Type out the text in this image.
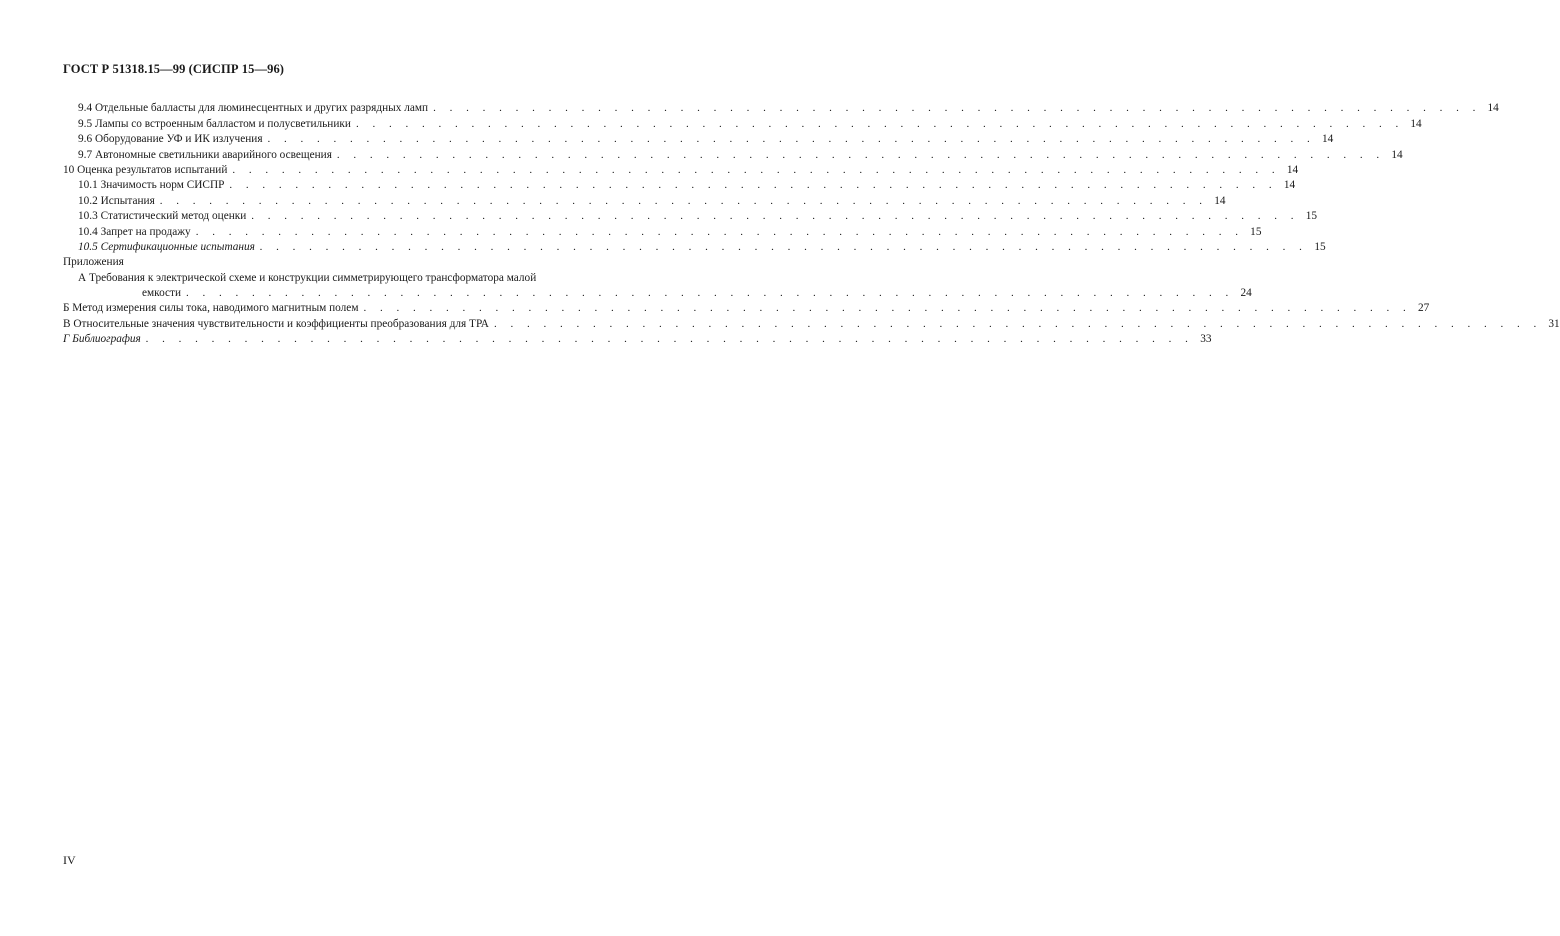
ГОСТ Р 51318.15—99 (СИСПР 15—96)
9.4 Отдельные балласты для люминесцентных и других разрядных ламп . . . . . . . . . . . . . . . . . . . . . . . . . . . . . . . . . . . . . . . . . . . . . . . . . . . . . . . . . . . . . . . . 14
9.5 Лампы со встроенным балластом и полусветильники . . . . . . . . . . . . . . . . . . . . . . . . . . . . . . . . . . . . . . . . . . . . . . . . . . . . . . . . . . . . . . . . 14
9.6 Оборудование УФ и ИК излучения . . . . . . . . . . . . . . . . . . . . . . . . . . . . . . . . . . . . . . . . . . . . . . . . . . . . . . . . . . . . . . . . 14
9.7 Автономные светильники аварийного освещения . . . . . . . . . . . . . . . . . . . . . . . . . . . . . . . . . . . . . . . . . . . . . . . . . . . . . . . . . . . . . . . . 14
10 Оценка результатов испытаний . . . . . . . . . . . . . . . . . . . . . . . . . . . . . . . . . . . . . . . . . . . . . . . . . . . . . . . . . . . . . . . . 14
10.1 Значимость норм СИСПР . . . . . . . . . . . . . . . . . . . . . . . . . . . . . . . . . . . . . . . . . . . . . . . . . . . . . . . . . . . . . . . . 14
10.2 Испытания . . . . . . . . . . . . . . . . . . . . . . . . . . . . . . . . . . . . . . . . . . . . . . . . . . . . . . . . . . . . . . . . 14
10.3 Статистический метод оценки . . . . . . . . . . . . . . . . . . . . . . . . . . . . . . . . . . . . . . . . . . . . . . . . . . . . . . . . . . . . . . . . 15
10.4 Запрет на продажу . . . . . . . . . . . . . . . . . . . . . . . . . . . . . . . . . . . . . . . . . . . . . . . . . . . . . . . . . . . . . . . . 15
10.5 Сертификационные испытания . . . . . . . . . . . . . . . . . . . . . . . . . . . . . . . . . . . . . . . . . . . . . . . . . . . . . . . . . . . . . . . . 15
Приложения
А Требования к электрической схеме и конструкции симметрирующего трансформатора малой
емкости . . . . . . . . . . . . . . . . . . . . . . . . . . . . . . . . . . . . . . . . . . . . . . . . . . . . . . . . . . . . . . . . 24
Б Метод измерения силы тока, наводимого магнитным полем . . . . . . . . . . . . . . . . . . . . . . . . . . . . . . . . . . . . . . . . . . . . . . . . . . . . . . . . . . . . . . . . 27
В Относительные значения чувствительности и коэффициенты преобразования для ТРА . . . . . . . . . . . . . . . . . . . . . . . . . . . . . . . . . . . . . . . . . . . . . . . . . . . . . . . . . . . . . . . . 31
Г Библиография . . . . . . . . . . . . . . . . . . . . . . . . . . . . . . . . . . . . . . . . . . . . . . . . . . . . . . . . . . . . . . . . 33
IV
